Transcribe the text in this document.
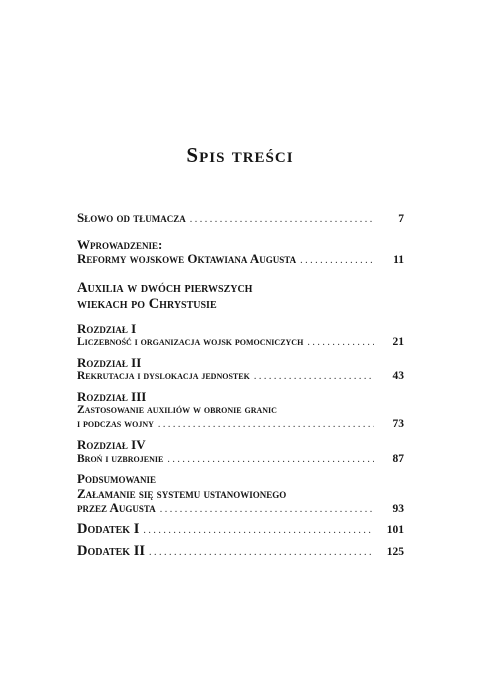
Spis treści
Słowo od tłumacza . . .	7
Wprowadzenie:
Reformy wojskowe Oktawiana Augusta . . .	11
Auxilia w dwóch pierwszych
wiekach po Chrystusie
Rozdział I
Liczebność i organizacja wojsk pomocniczych . . .	21
Rozdział II
Rekrutacja i dyslokacja jednostek . . .	43
Rozdział III
Zastosowanie auxiliów w obronie granic
i podczas wojny . . .	73
Rozdział IV
Broń i uzbrojenie . . .	87
Podsumowanie
Załamanie się systemu ustanowionego
przez Augusta . . .	93
Dodatek I . . .	101
Dodatek II . . .	125
